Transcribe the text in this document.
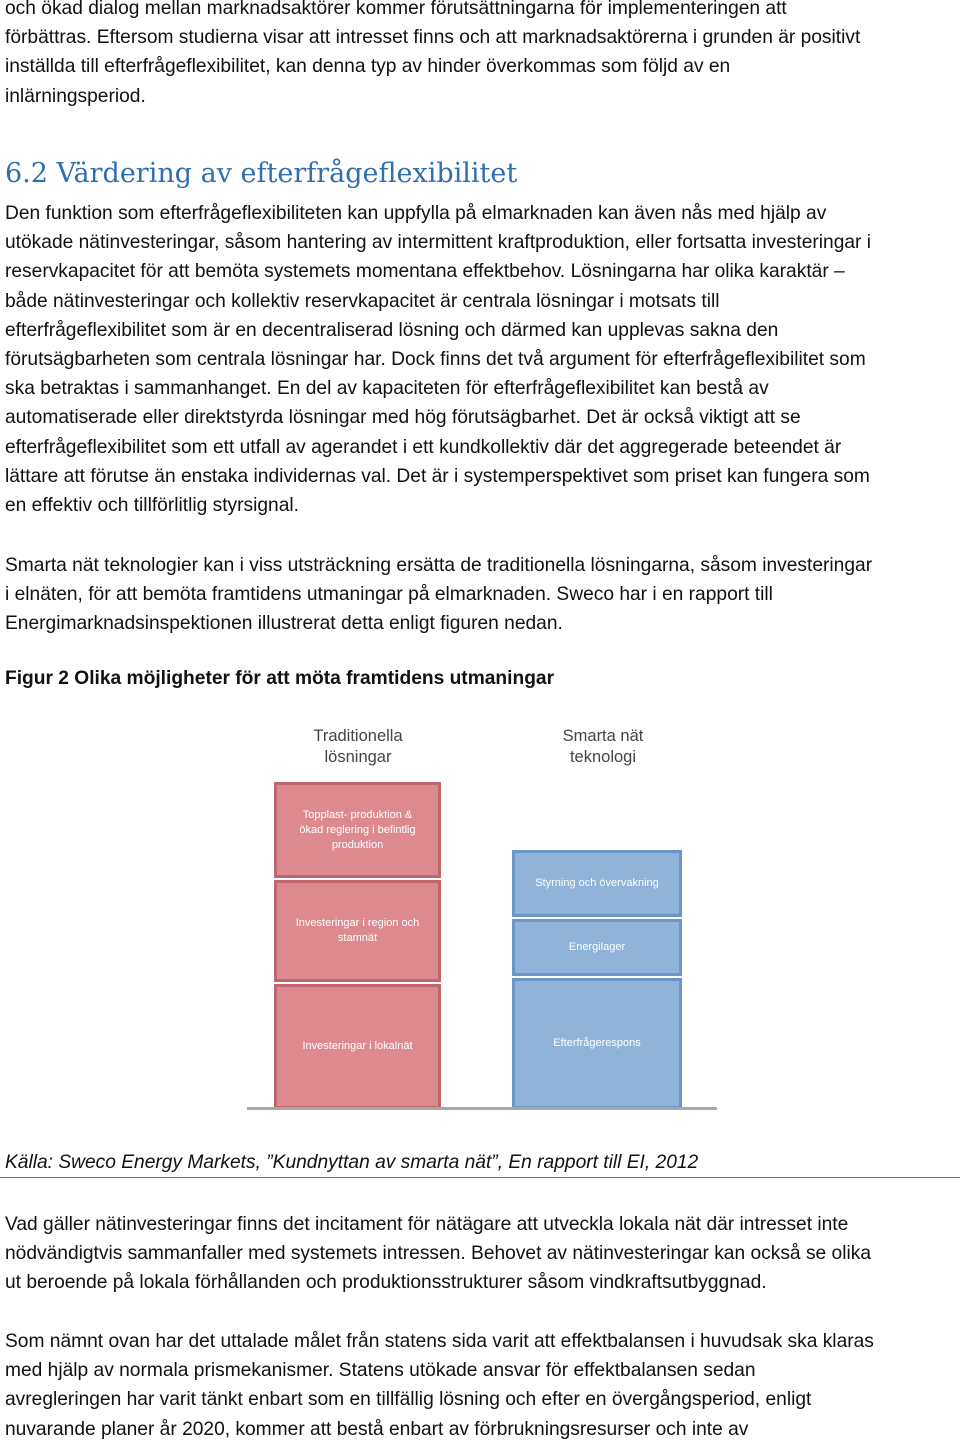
och ökad dialog mellan marknadsaktörer kommer förutsättningarna för implementeringen att
förbättras. Eftersom studierna visar att intresset finns och att marknadsaktörerna i grunden är positivt
inställda till efterfrågeflexibilitet, kan denna typ av hinder överkommas som följd av en
inlärningsperiod.

6.2 Värdering av efterfrågeflexibilitet

Den funktion som efterfrågeflexibiliteten kan uppfylla på elmarknaden kan även nås med hjälp av
utökade nätinvesteringar, såsom hantering av intermittent kraftproduktion, eller fortsatta investeringar i
reservkapacitet för att bemöta systemets momentana effektbehov. Lösningarna har olika karaktär –
både nätinvesteringar och kollektiv reservkapacitet är centrala lösningar i motsats till
efterfrågeflexibilitet som är en decentraliserad lösning och därmed kan upplevas sakna den
förutsägbarheten som centrala lösningar har. Dock finns det två argument för efterfrågeflexibilitet som
ska betraktas i sammanhanget. En del av kapaciteten för efterfrågeflexibilitet kan bestå av
automatiserade eller direktstyrda lösningar med hög förutsägbarhet. Det är också viktigt att se
efterfrågeflexibilitet som ett utfall av agerandet i ett kundkollektiv där det aggregerade beteendet är
lättare att förutse än enstaka individernas val. Det är i systemperspektivet som priset kan fungera som
en effektiv och tillförlitlig styrsignal.

Smarta nät teknologier kan i viss utsträckning ersätta de traditionella lösningarna, såsom investeringar
i elnäten, för att bemöta framtidens utmaningar på elmarknaden. Sweco har i en rapport till
Energimarknadsinspektionen illustrerat detta enligt figuren nedan.

Figur 2 Olika möjligheter för att möta framtidens utmaningar

Traditionella
lösningar
Smarta nät
teknologi
Topplast- produktion &
ökad reglering i befintlig
produktion
Investeringar i region och
stamnät
Investeringar i lokalnät
Styrning och övervakning
Energilager
Efterfrågerespons

Källa: Sweco Energy Markets, ”Kundnyttan av smarta nät”, En rapport till EI, 2012

Vad gäller nätinvesteringar finns det incitament för nätägare att utveckla lokala nät där intresset inte
nödvändigtvis sammanfaller med systemets intressen. Behovet av nätinvesteringar kan också se olika
ut beroende på lokala förhållanden och produktionsstrukturer såsom vindkraftsutbyggnad.

Som nämnt ovan har det uttalade målet från statens sida varit att effektbalansen i huvudsak ska klaras
med hjälp av normala prismekanismer. Statens utökade ansvar för effektbalansen sedan
avregleringen har varit tänkt enbart som en tillfällig lösning och efter en övergångsperiod, enligt
nuvarande planer år 2020, kommer att bestå enbart av förbrukningsresurser och inte av
